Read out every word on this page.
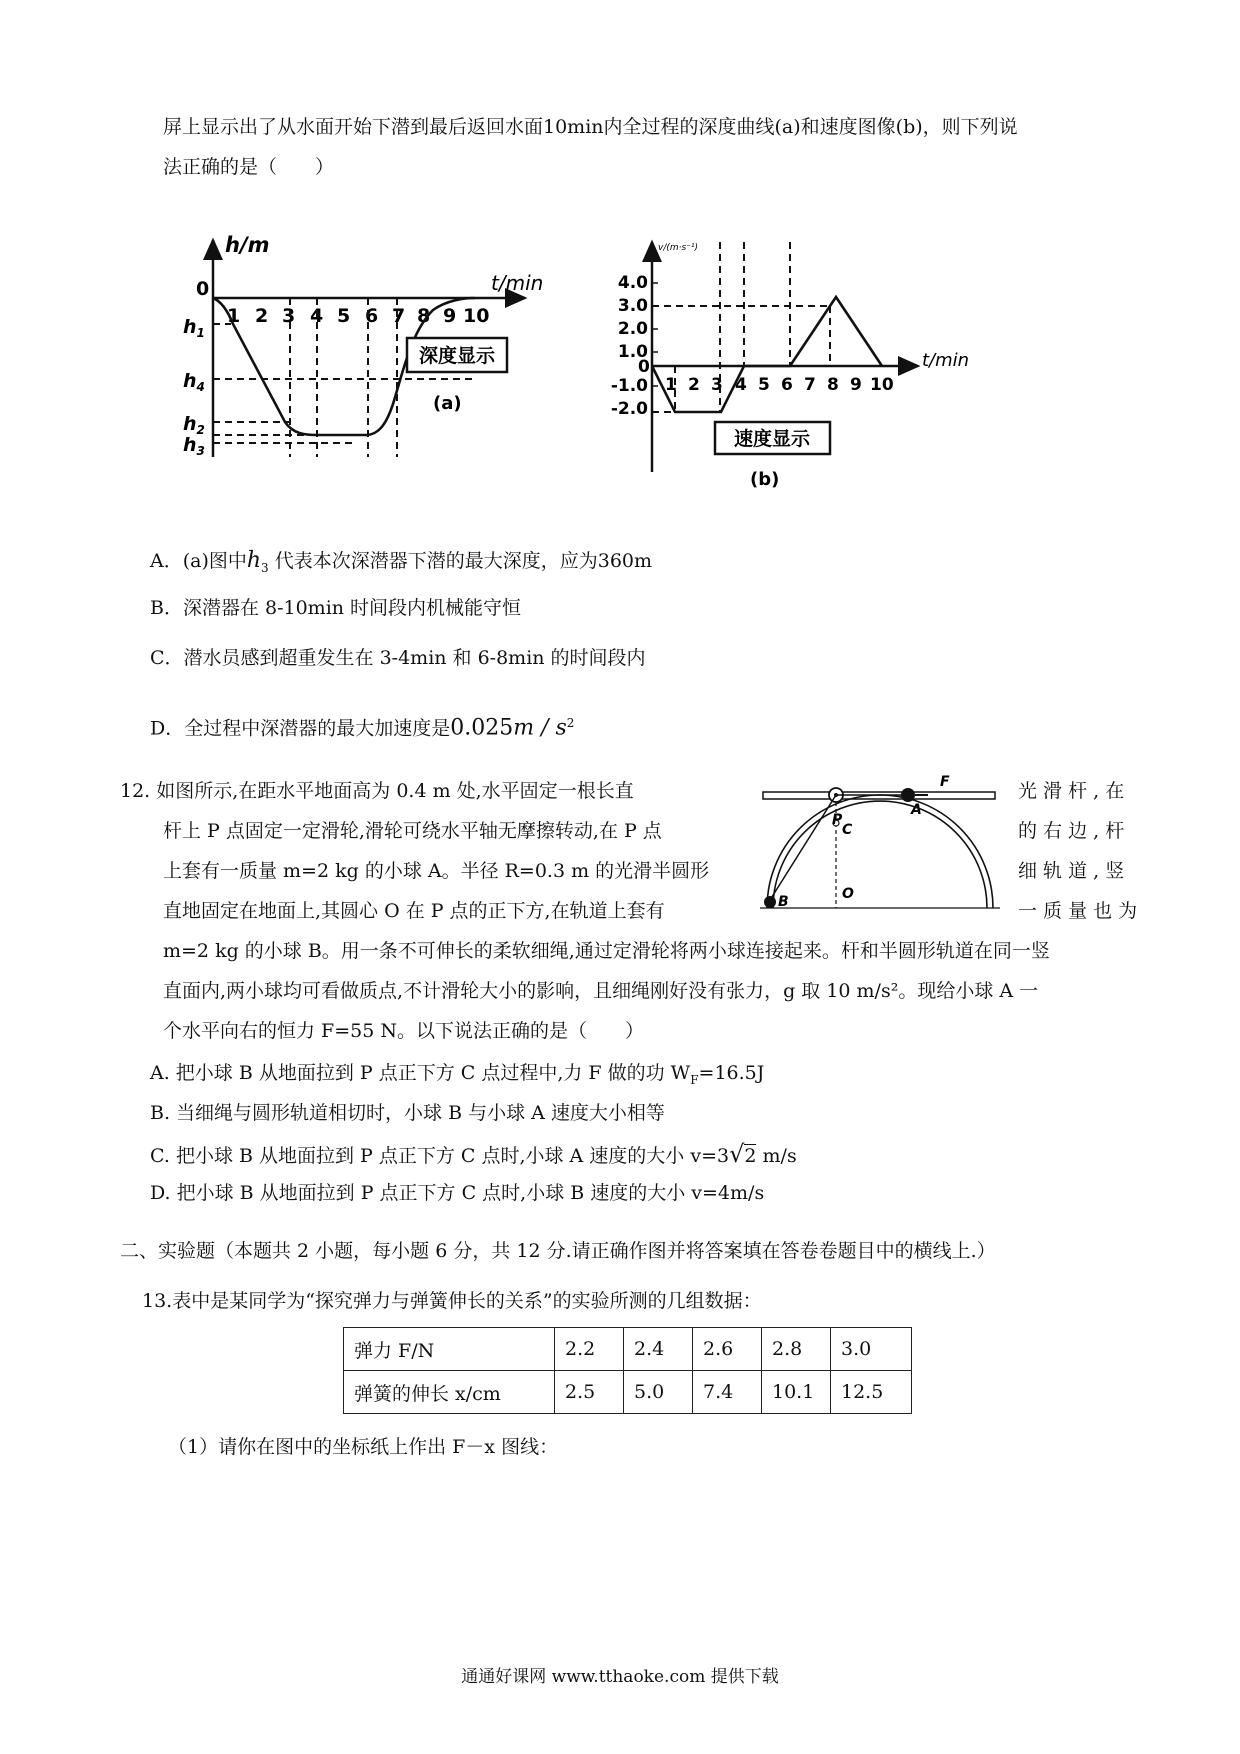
屏上显示出了从水面开始下潜到最后返回水面10min内全过程的深度曲线(a)和速度图像(b)，则下列说
法正确的是（　　）
h/m
t/min
0
1 2 3 4 5 6 7 8 9 10
$h_1$
$h_4$
$h_2$
$h_3$
深度显示
(a)
v/(m·s⁻¹)
t/min
0
4.0
3.0
2.0
1.0
-1.0
-2.0
1 2 3 4 5 6 7 8 9 10
速度显示
(b)
A．(a)图中$h_3$ 代表本次深潜器下潜的最大深度，应为360m
B．深潜器在 8-10min 时间段内机械能守恒
C．潜水员感到超重发生在 3-4min 和 6-8min 的时间段内
D．全过程中深潜器的最大加速度是$0.025m / s^2$
12. 如图所示,在距水平地面高为 0.4 m 处,水平固定一根长直	光 滑 杆 , 在
杆上 P 点固定一定滑轮,滑轮可绕水平轴无摩擦转动,在 P 点	的 右 边 , 杆
上套有一质量 m=2 kg 的小球 A。半径 R=0.3 m 的光滑半圆形	细 轨 道 , 竖
直地固定在地面上,其圆心 O 在 P 点的正下方,在轨道上套有	一 质 量 也 为
m=2 kg 的小球 B。用一条不可伸长的柔软细绳,通过定滑轮将两小球连接起来。杆和半圆形轨道在同一竖
直面内,两小球均可看做质点,不计滑轮大小的影响，且细绳刚好没有张力，g 取 10 m/s²。现给小球 A 一
个水平向右的恒力 F=55 N。以下说法正确的是（　　）
F
A
P
C
O
B
A. 把小球 B 从地面拉到 P 点正下方 C 点过程中,力 F 做的功 $W_F=16.5J$
B. 当细绳与圆形轨道相切时，小球 B 与小球 A 速度大小相等
C. 把小球 B 从地面拉到 P 点正下方 C 点时,小球 A 速度的大小 v=3√2 m/s
D. 把小球 B 从地面拉到 P 点正下方 C 点时,小球 B 速度的大小 v=4m/s
二、实验题（本题共 2 小题，每小题 6 分，共 12 分.请正确作图并将答案填在答卷卷题目中的横线上.）
13.表中是某同学为“探究弹力与弹簧伸长的关系”的实验所测的几组数据：
弹力 F/N	2.2	2.4	2.6	2.8	3.0
弹簧的伸长 x/cm	2.5	5.0	7.4	10.1	12.5
（1）请你在图中的坐标纸上作出 F－x 图线：
通通好课网 www.tthaoke.com 提供下载
